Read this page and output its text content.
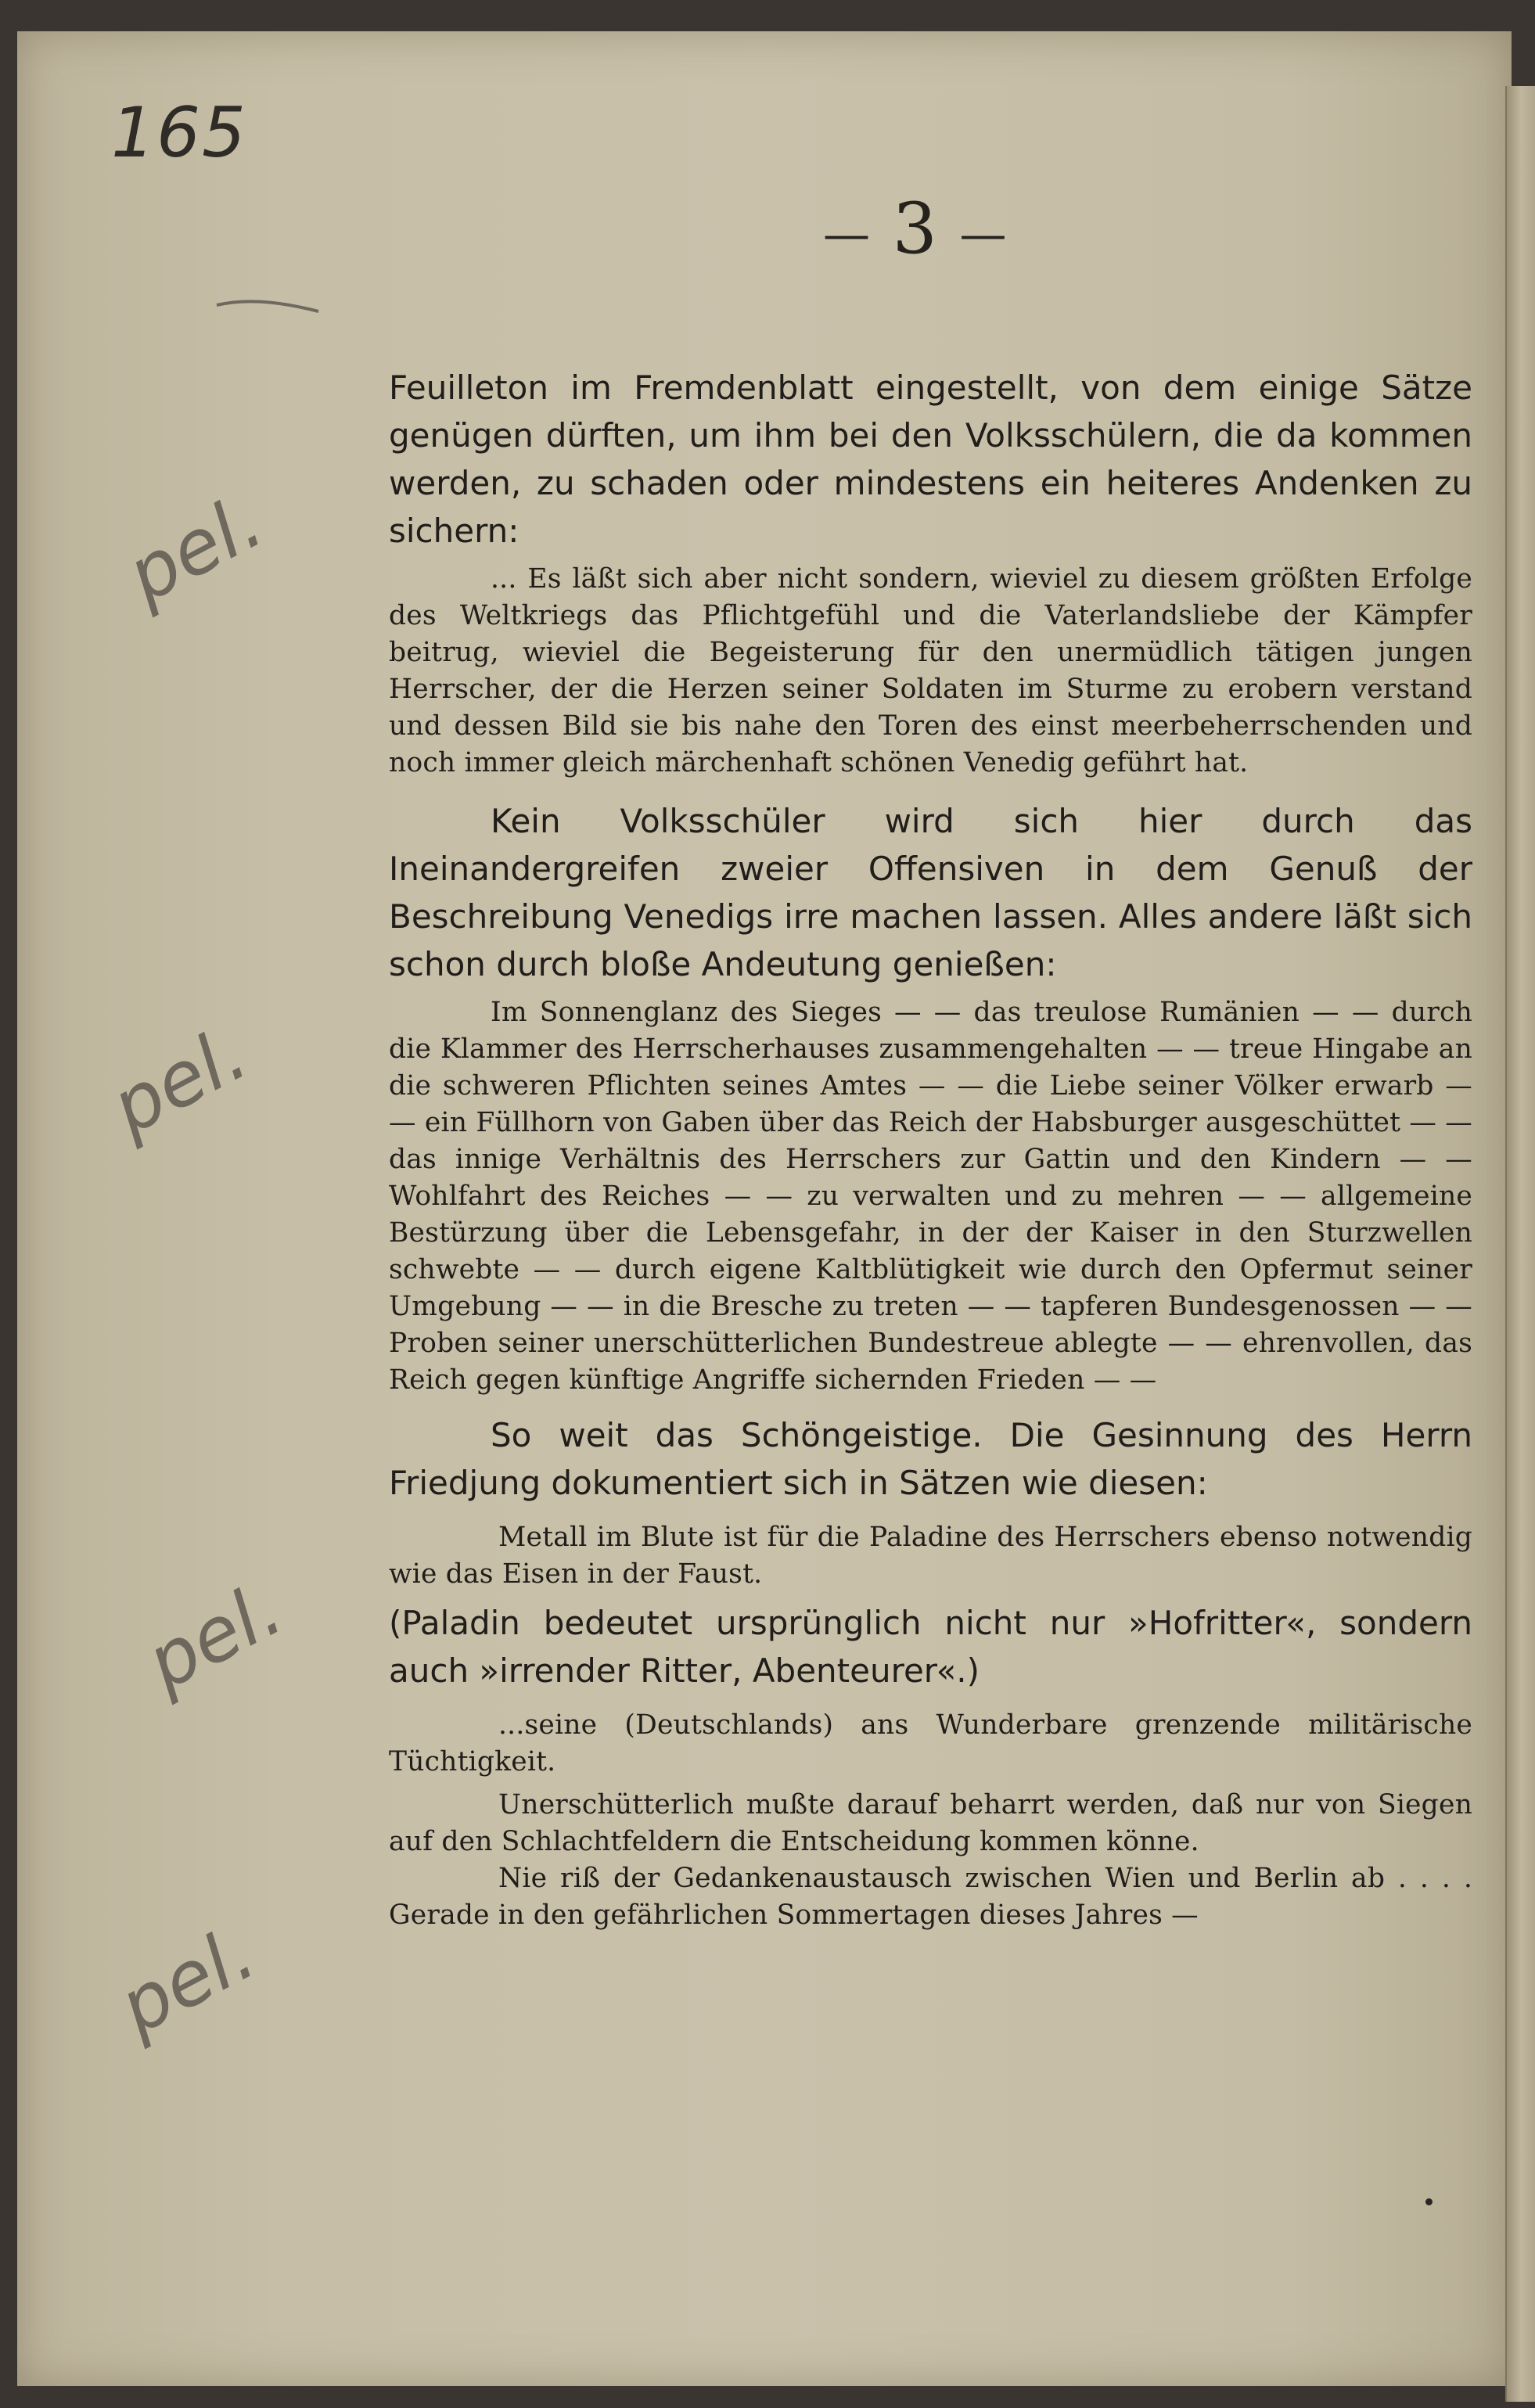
165
— 3 —
pel.
pel.
pel.
pel.

Feuilleton im Fremdenblatt eingestellt, von dem einige Sätze genügen dürften, um ihm bei den Volksschülern, die da kommen werden, zu schaden oder mindestens ein heiteres Andenken zu sichern:

... Es läßt sich aber nicht sondern, wieviel zu diesem größten Erfolge des Weltkriegs das Pflichtgefühl und die Vaterlandsliebe der Kämpfer beitrug, wieviel die Begeisterung für den unermüdlich tätigen jungen Herrscher, der die Herzen seiner Soldaten im Sturme zu erobern verstand und dessen Bild sie bis nahe den Toren des einst meerbeherrschenden und noch immer gleich märchenhaft schönen Venedig geführt hat.

Kein Volksschüler wird sich hier durch das Ineinandergreifen zweier Offensiven in dem Genuß der Beschreibung Venedigs irre machen lassen. Alles andere läßt sich schon durch bloße Andeutung genießen:

Im Sonnenglanz des Sieges — — das treulose Rumänien — — durch die Klammer des Herrscherhauses zusammengehalten — — treue Hingabe an die schweren Pflichten seines Amtes — — die Liebe seiner Völker erwarb — — ein Füllhorn von Gaben über das Reich der Habsburger ausgeschüttet — — das innige Verhältnis des Herrschers zur Gattin und den Kindern — — Wohlfahrt des Reiches — — zu verwalten und zu mehren — — allgemeine Bestürzung über die Lebensgefahr, in der der Kaiser in den Sturzwellen schwebte — — durch eigene Kaltblütigkeit wie durch den Opfermut seiner Umgebung — — in die Bresche zu treten — — tapferen Bundesgenossen — — Proben seiner unerschütterlichen Bundestreue ablegte — — ehrenvollen, das Reich gegen künftige Angriffe sichernden Frieden — —

So weit das Schöngeistige. Die Gesinnung des Herrn Friedjung dokumentiert sich in Sätzen wie diesen:

Metall im Blute ist für die Paladine des Herrschers ebenso notwendig wie das Eisen in der Faust.

(Paladin bedeutet ursprünglich nicht nur »Hofritter«, sondern auch »irrender Ritter, Abenteurer«.)

...seine (Deutschlands) ans Wunderbare grenzende militärische Tüchtigkeit.

Unerschütterlich mußte darauf beharrt werden, daß nur von Siegen auf den Schlachtfeldern die Entscheidung kommen könne.

Nie riß der Gedankenaustausch zwischen Wien und Berlin ab . . . . Gerade in den gefährlichen Sommertagen dieses Jahres —
